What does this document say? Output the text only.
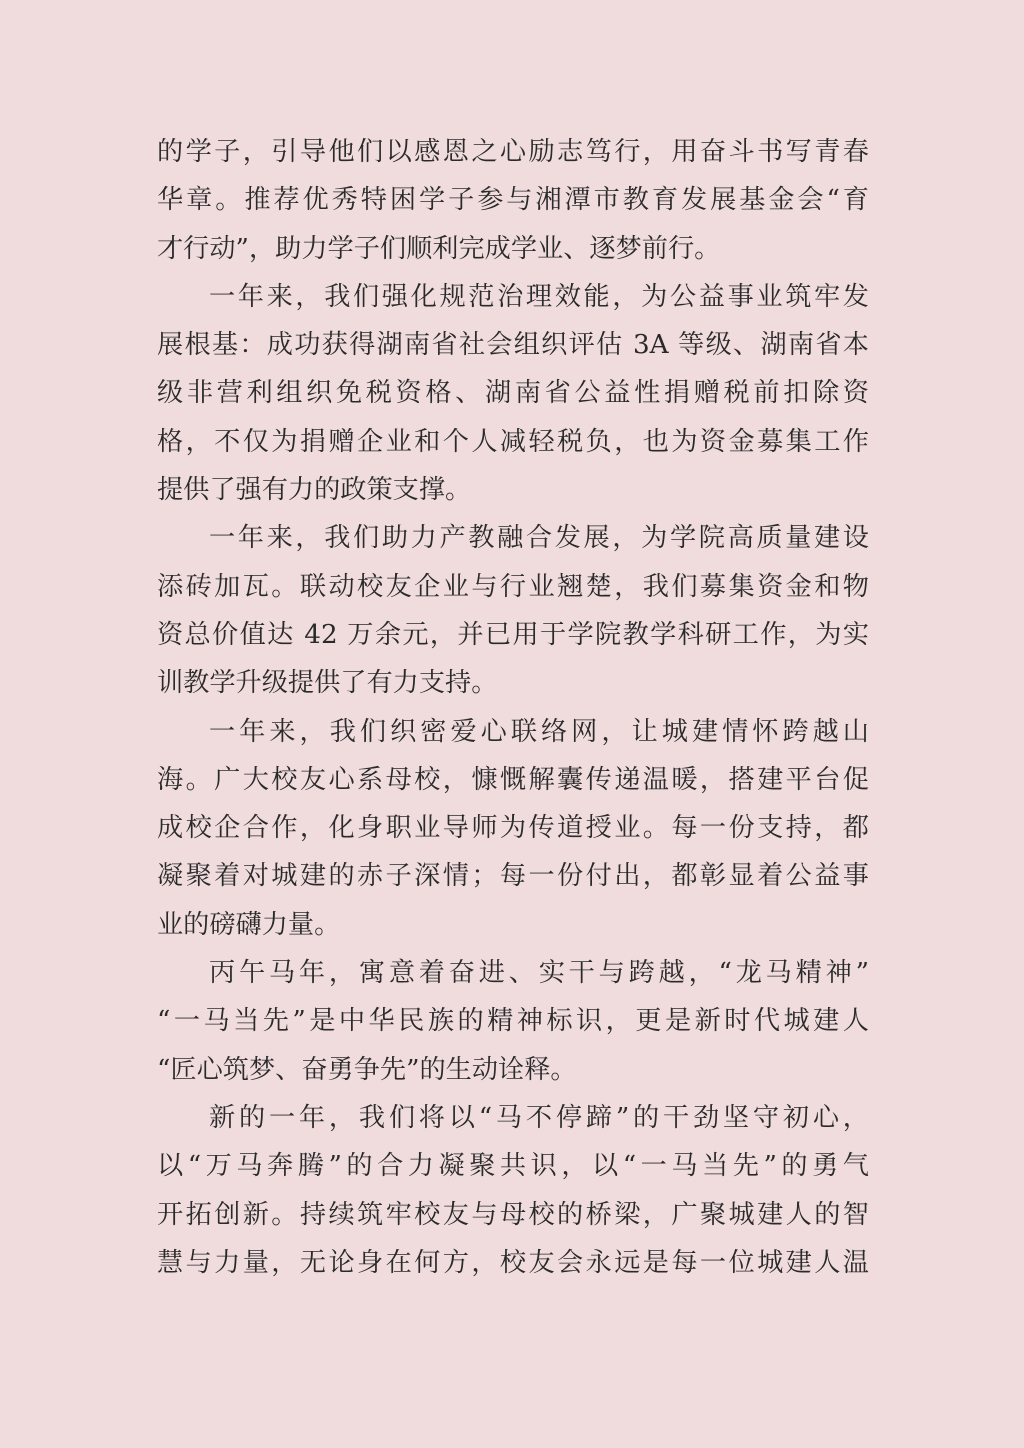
的学子，引导他们以感恩之心励志笃行，用奋斗书写青春
华章。推荐优秀特困学子参与湘潭市教育发展基金会“育
才行动”，助力学子们顺利完成学业、逐梦前行。
一年来，我们强化规范治理效能，为公益事业筑牢发
展根基：成功获得湖南省社会组织评估 3A 等级、湖南省本
级非营利组织免税资格、湖南省公益性捐赠税前扣除资
格，不仅为捐赠企业和个人减轻税负，也为资金募集工作
提供了强有力的政策支撑。
一年来，我们助力产教融合发展，为学院高质量建设
添砖加瓦。联动校友企业与行业翘楚，我们募集资金和物
资总价值达 42 万余元，并已用于学院教学科研工作，为实
训教学升级提供了有力支持。
一年来，我们织密爱心联络网，让城建情怀跨越山
海。广大校友心系母校，慷慨解囊传递温暖，搭建平台促
成校企合作，化身职业导师为传道授业。每一份支持，都
凝聚着对城建的赤子深情；每一份付出，都彰显着公益事
业的磅礴力量。
丙午马年，寓意着奋进、实干与跨越，“龙马精神”
“一马当先”是中华民族的精神标识，更是新时代城建人
“匠心筑梦、奋勇争先”的生动诠释。
新的一年，我们将以“马不停蹄”的干劲坚守初心，
以“万马奔腾”的合力凝聚共识，以“一马当先”的勇气
开拓创新。持续筑牢校友与母校的桥梁，广聚城建人的智
慧与力量，无论身在何方，校友会永远是每一位城建人温
